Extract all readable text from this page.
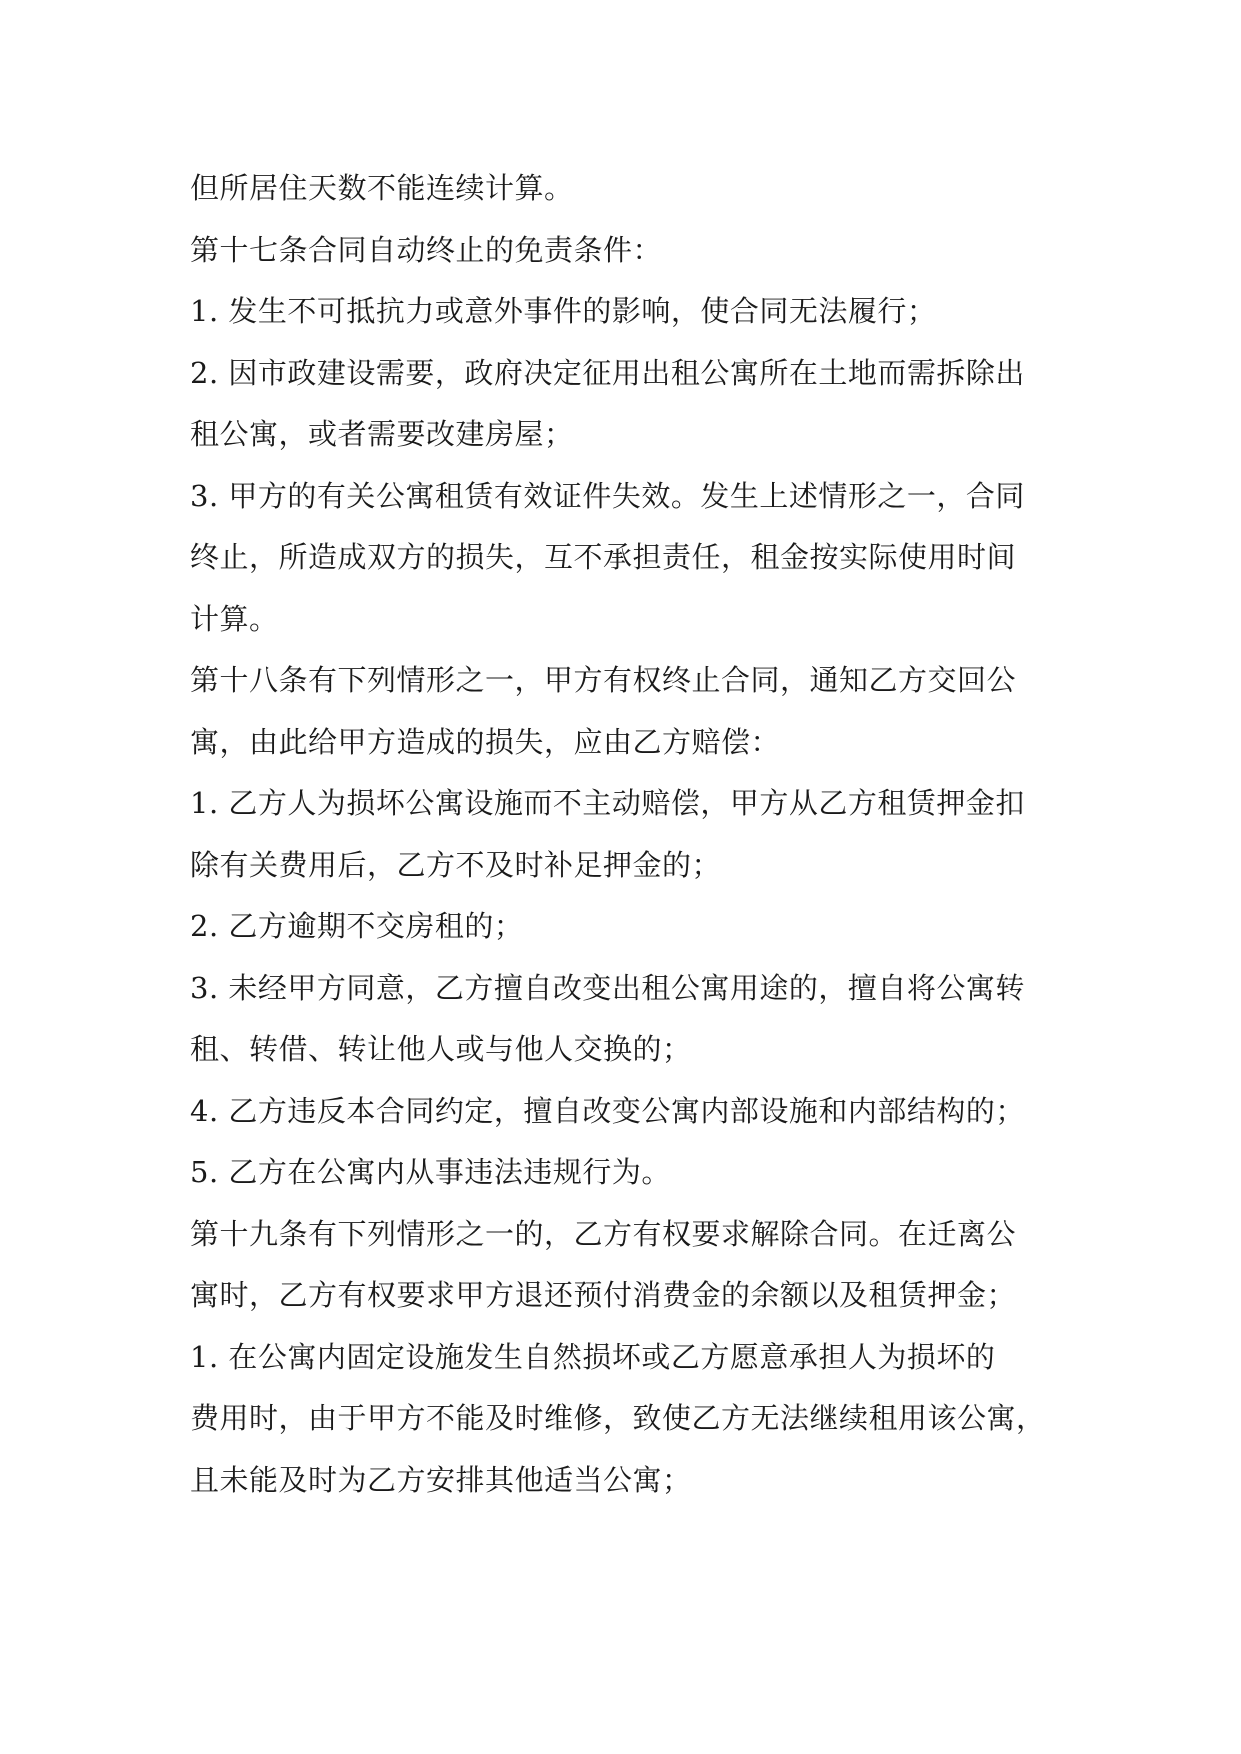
但所居住天数不能连续计算。
第十七条合同自动终止的免责条件：
1. 发生不可抵抗力或意外事件的影响，使合同无法履行；
2. 因市政建设需要，政府决定征用出租公寓所在土地而需拆除出
租公寓，或者需要改建房屋；
3. 甲方的有关公寓租赁有效证件失效。发生上述情形之一，合同
终止，所造成双方的损失，互不承担责任，租金按实际使用时间
计算。
第十八条有下列情形之一，甲方有权终止合同，通知乙方交回公
寓，由此给甲方造成的损失，应由乙方赔偿：
1. 乙方人为损坏公寓设施而不主动赔偿，甲方从乙方租赁押金扣
除有关费用后，乙方不及时补足押金的；
2. 乙方逾期不交房租的；
3. 未经甲方同意，乙方擅自改变出租公寓用途的，擅自将公寓转
租、转借、转让他人或与他人交换的；
4. 乙方违反本合同约定，擅自改变公寓内部设施和内部结构的；
5. 乙方在公寓内从事违法违规行为。
第十九条有下列情形之一的，乙方有权要求解除合同。在迁离公
寓时，乙方有权要求甲方退还预付消费金的余额以及租赁押金；
1. 在公寓内固定设施发生自然损坏或乙方愿意承担人为损坏的
费用时，由于甲方不能及时维修，致使乙方无法继续租用该公寓，
且未能及时为乙方安排其他适当公寓；
